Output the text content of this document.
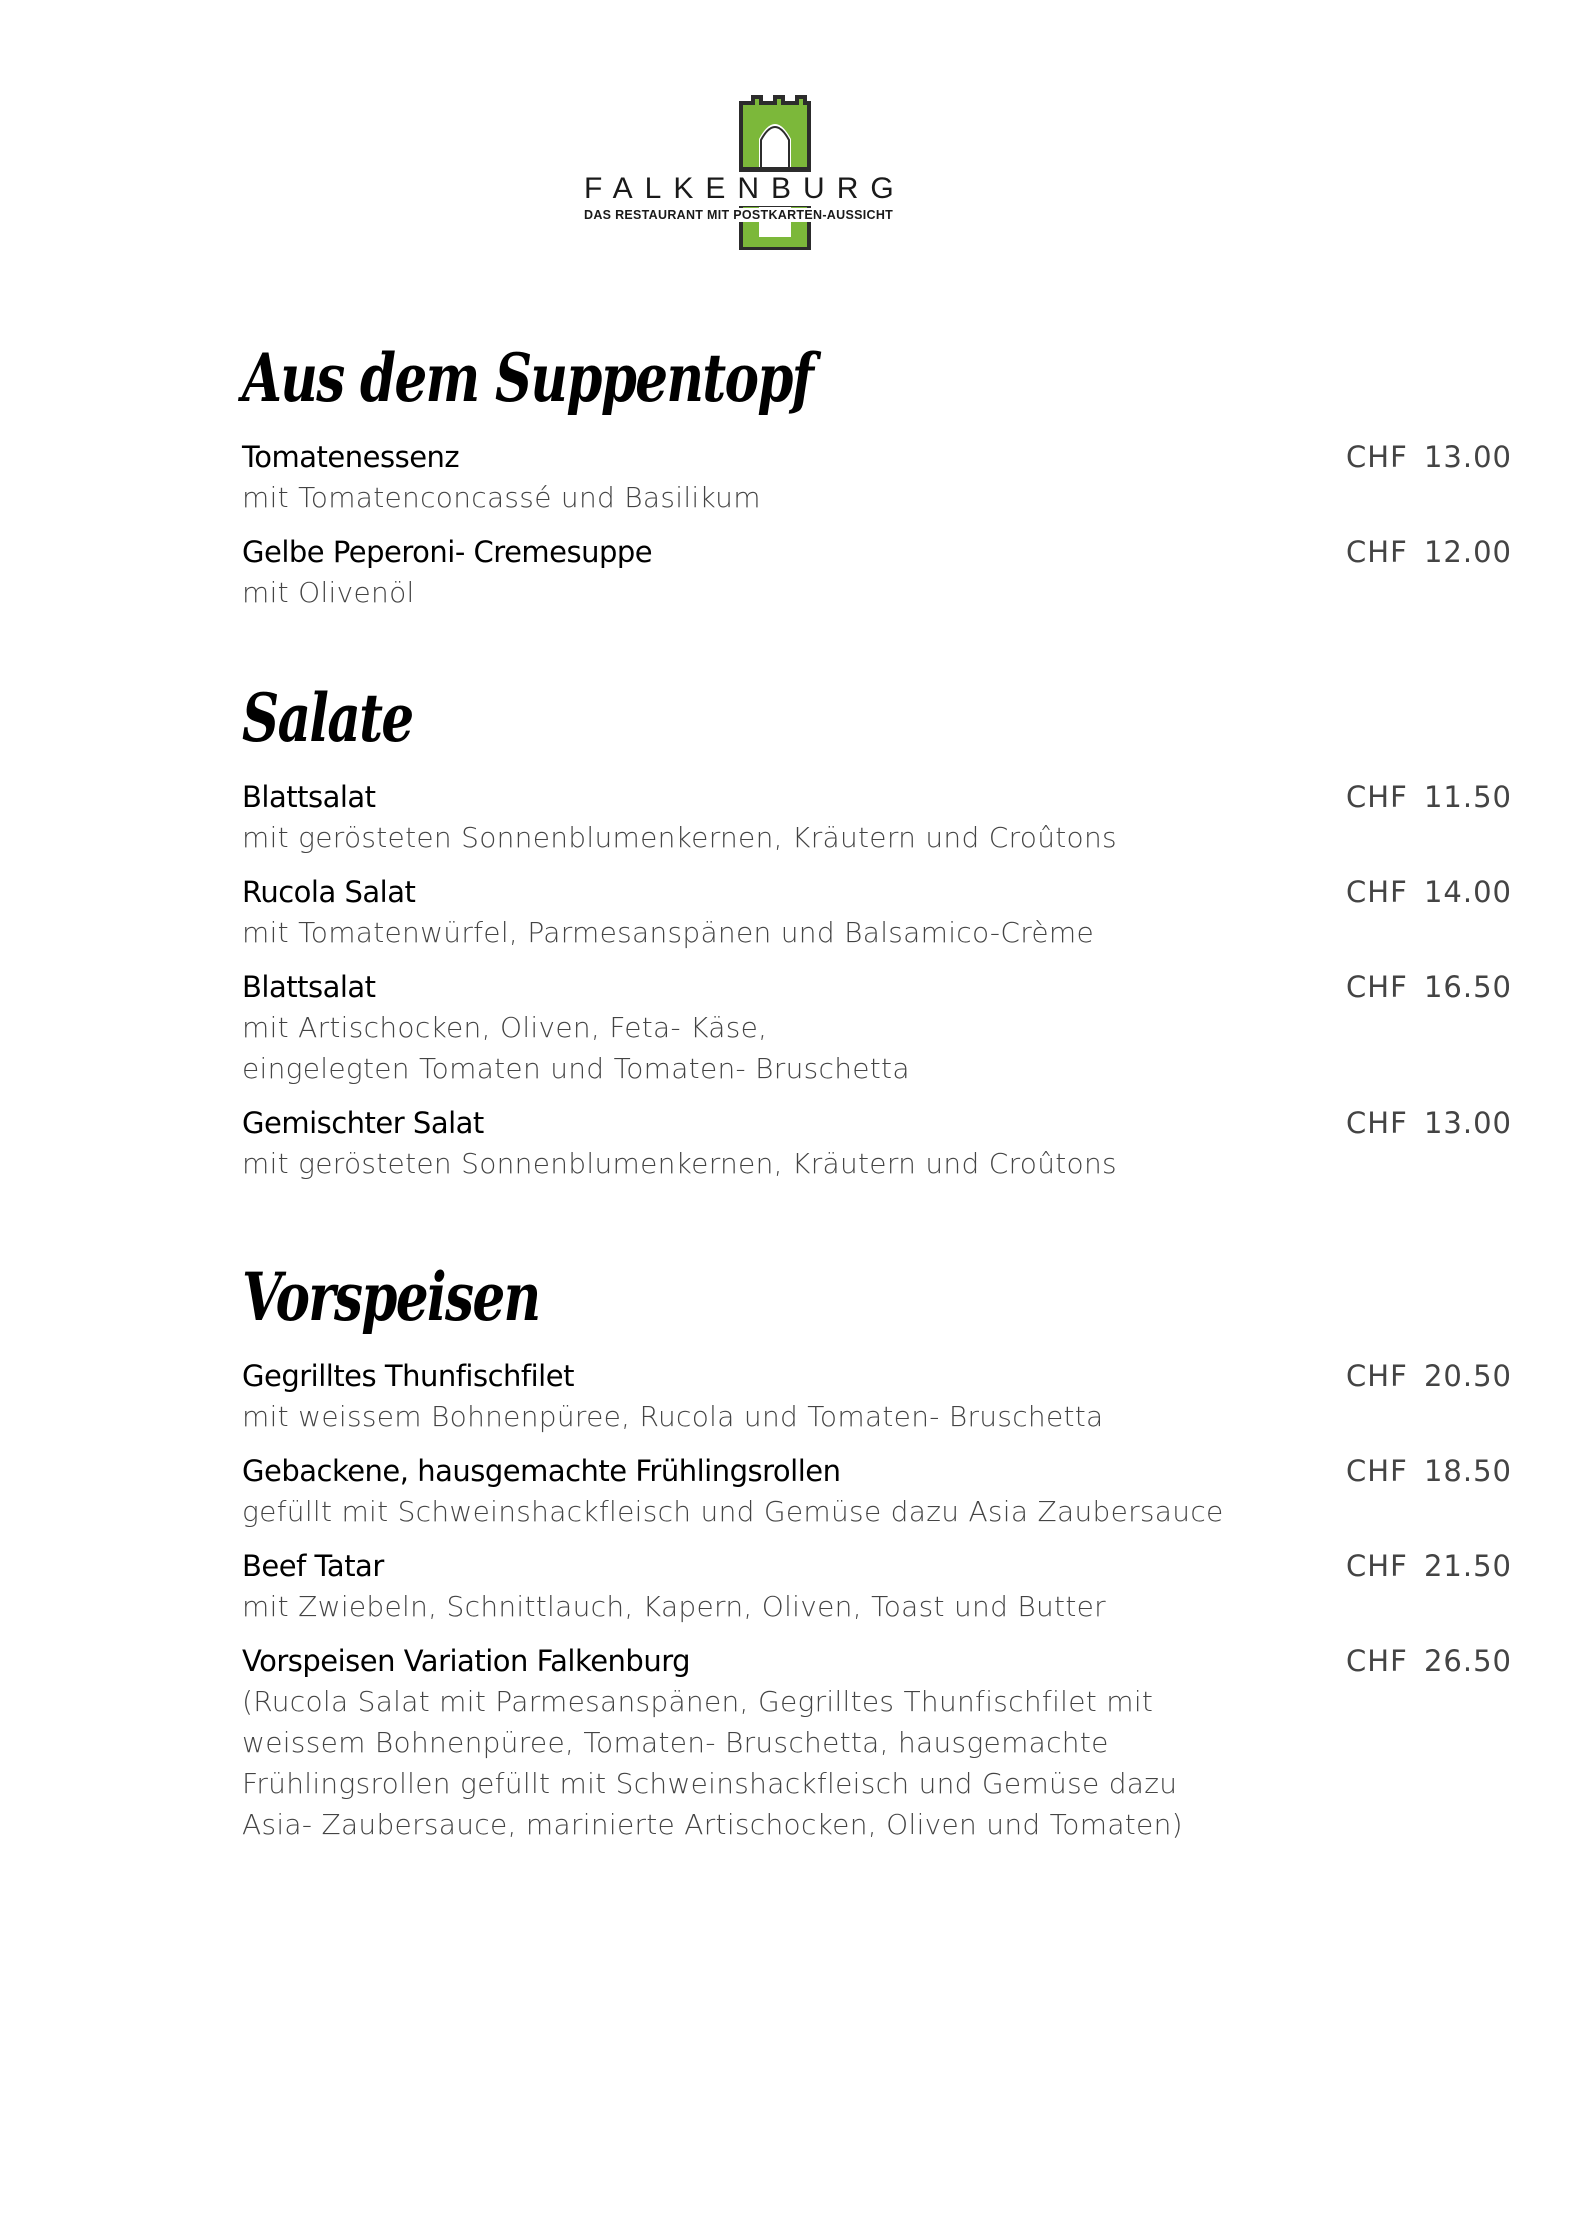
FALKENBURG
DAS RESTAURANT MIT POSTKARTEN-AUSSICHT
Aus dem Suppentopf
Tomatenessenz
mit Tomatenconcassé und Basilikum
CHF 13.00
Gelbe Peperoni- Cremesuppe
mit Olivenöl
CHF 12.00
Salate
Blattsalat
mit gerösteten Sonnenblumenkernen, Kräutern und Croûtons
CHF 11.50
Rucola Salat
mit Tomatenwürfel, Parmesanspänen und Balsamico-Crème
CHF 14.00
Blattsalat
mit Artischocken, Oliven, Feta- Käse,
eingelegten Tomaten und Tomaten- Bruschetta
CHF 16.50
Gemischter Salat
mit gerösteten Sonnenblumenkernen, Kräutern und Croûtons
CHF 13.00
Vorspeisen
Gegrilltes Thunfischfilet
mit weissem Bohnenpüree, Rucola und Tomaten- Bruschetta
CHF 20.50
Gebackene, hausgemachte Frühlingsrollen
gefüllt mit Schweinshackfleisch und Gemüse dazu Asia Zaubersauce
CHF 18.50
Beef Tatar
mit Zwiebeln, Schnittlauch, Kapern, Oliven, Toast und Butter
CHF 21.50
Vorspeisen Variation Falkenburg
(Rucola Salat mit Parmesanspänen, Gegrilltes Thunfischfilet mit
weissem Bohnenpüree, Tomaten- Bruschetta, hausgemachte
Frühlingsrollen gefüllt mit Schweinshackfleisch und Gemüse dazu
Asia- Zaubersauce, marinierte Artischocken, Oliven und Tomaten)
CHF 26.50
